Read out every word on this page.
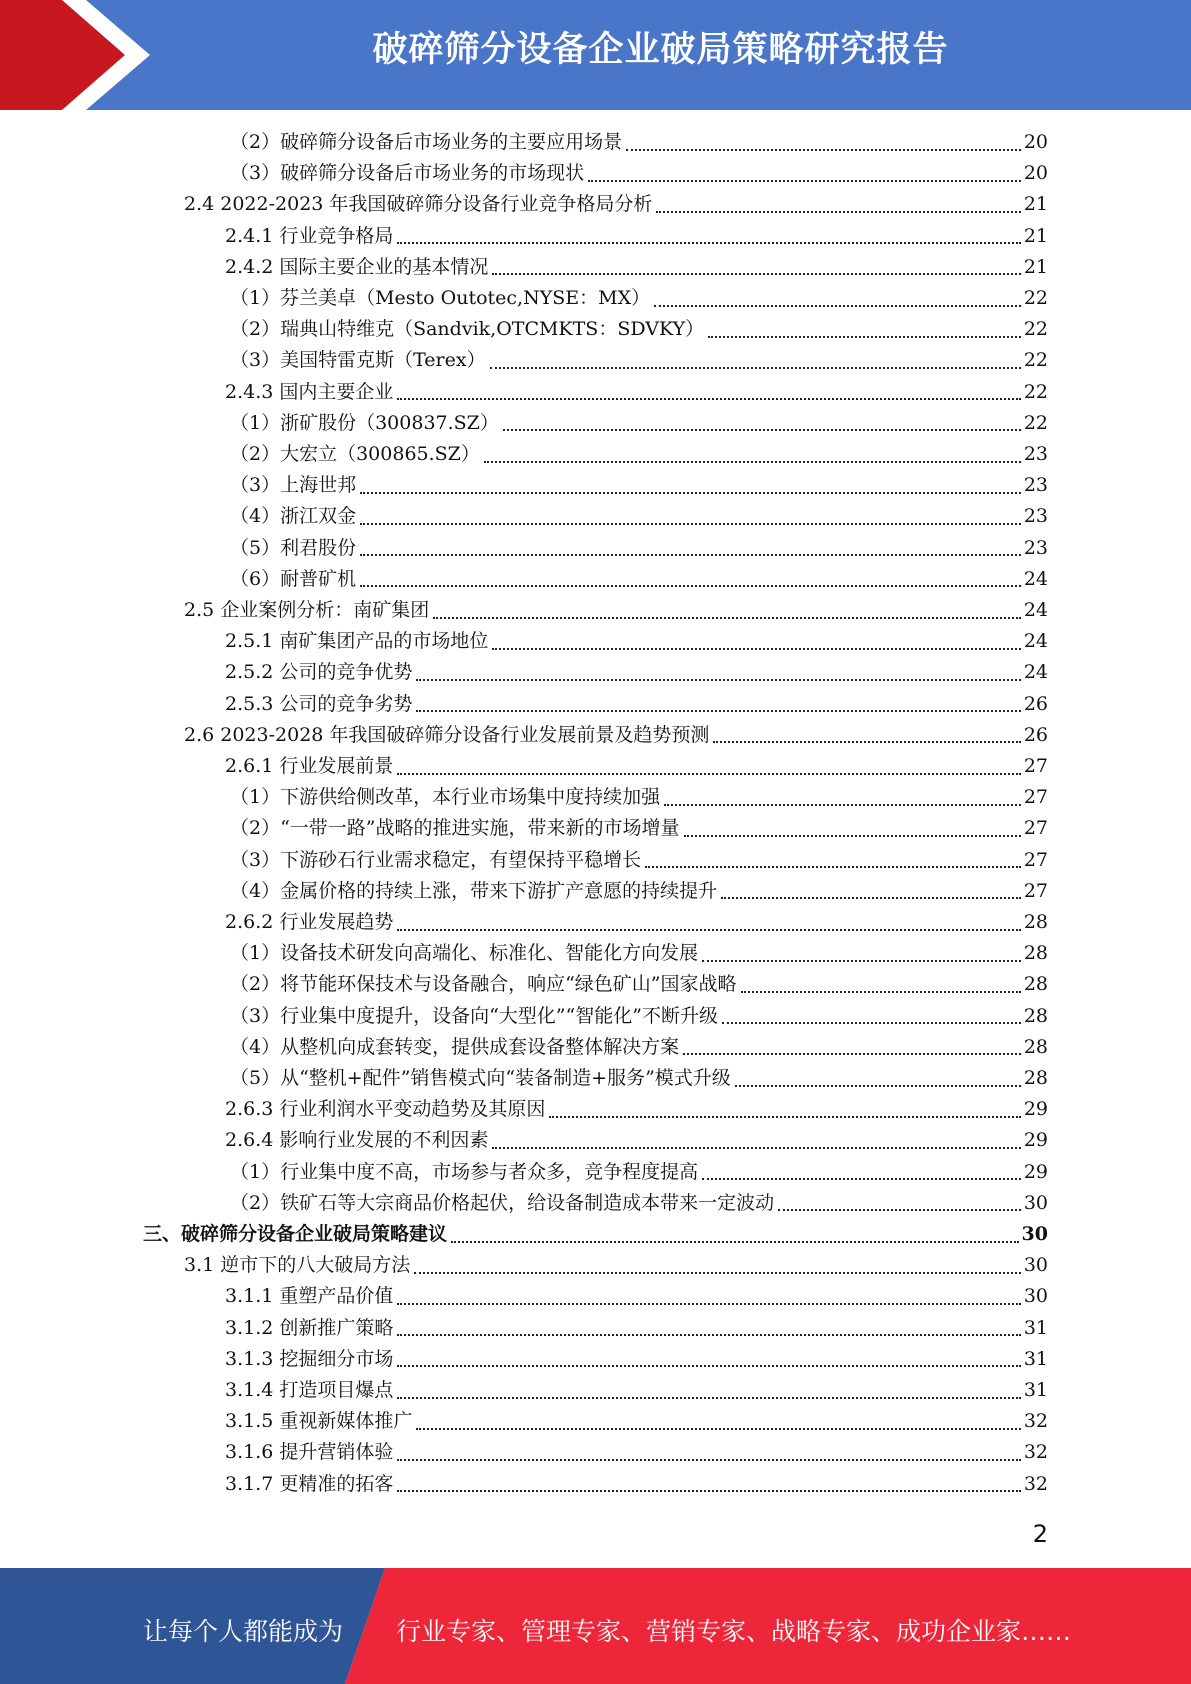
破碎筛分设备企业破局策略研究报告
（2）破碎筛分设备后市场业务的主要应用场景	20
（3）破碎筛分设备后市场业务的市场现状	20
2.4 2022-2023 年我国破碎筛分设备行业竞争格局分析	21
2.4.1 行业竞争格局	21
2.4.2 国际主要企业的基本情况	21
（1）芬兰美卓（Mesto Outotec,NYSE：MX）	22
（2）瑞典山特维克（Sandvik,OTCMKTS：SDVKY）	22
（3）美国特雷克斯（Terex）	22
2.4.3 国内主要企业	22
（1）浙矿股份（300837.SZ）	22
（2）大宏立（300865.SZ）	23
（3）上海世邦	23
（4）浙江双金	23
（5）利君股份	23
（6）耐普矿机	24
2.5 企业案例分析：南矿集团	24
2.5.1 南矿集团产品的市场地位	24
2.5.2 公司的竞争优势	24
2.5.3 公司的竞争劣势	26
2.6 2023-2028 年我国破碎筛分设备行业发展前景及趋势预测	26
2.6.1 行业发展前景	27
（1）下游供给侧改革，本行业市场集中度持续加强	27
（2）“一带一路”战略的推进实施，带来新的市场增量	27
（3）下游砂石行业需求稳定，有望保持平稳增长	27
（4）金属价格的持续上涨，带来下游扩产意愿的持续提升	27
2.6.2 行业发展趋势	28
（1）设备技术研发向高端化、标准化、智能化方向发展	28
（2）将节能环保技术与设备融合，响应“绿色矿山”国家战略	28
（3）行业集中度提升，设备向“大型化”“智能化”不断升级	28
（4）从整机向成套转变，提供成套设备整体解决方案	28
（5）从“整机+配件”销售模式向“装备制造+服务”模式升级	28
2.6.3 行业利润水平变动趋势及其原因	29
2.6.4 影响行业发展的不利因素	29
（1）行业集中度不高，市场参与者众多，竞争程度提高	29
（2）铁矿石等大宗商品价格起伏，给设备制造成本带来一定波动	30
三、破碎筛分设备企业破局策略建议	30
3.1 逆市下的八大破局方法	30
3.1.1 重塑产品价值	30
3.1.2 创新推广策略	31
3.1.3 挖掘细分市场	31
3.1.4 打造项目爆点	31
3.1.5 重视新媒体推广	32
3.1.6 提升营销体验	32
3.1.7 更精准的拓客	32
2
让每个人都能成为 行业专家、管理专家、营销专家、战略专家、成功企业家……
